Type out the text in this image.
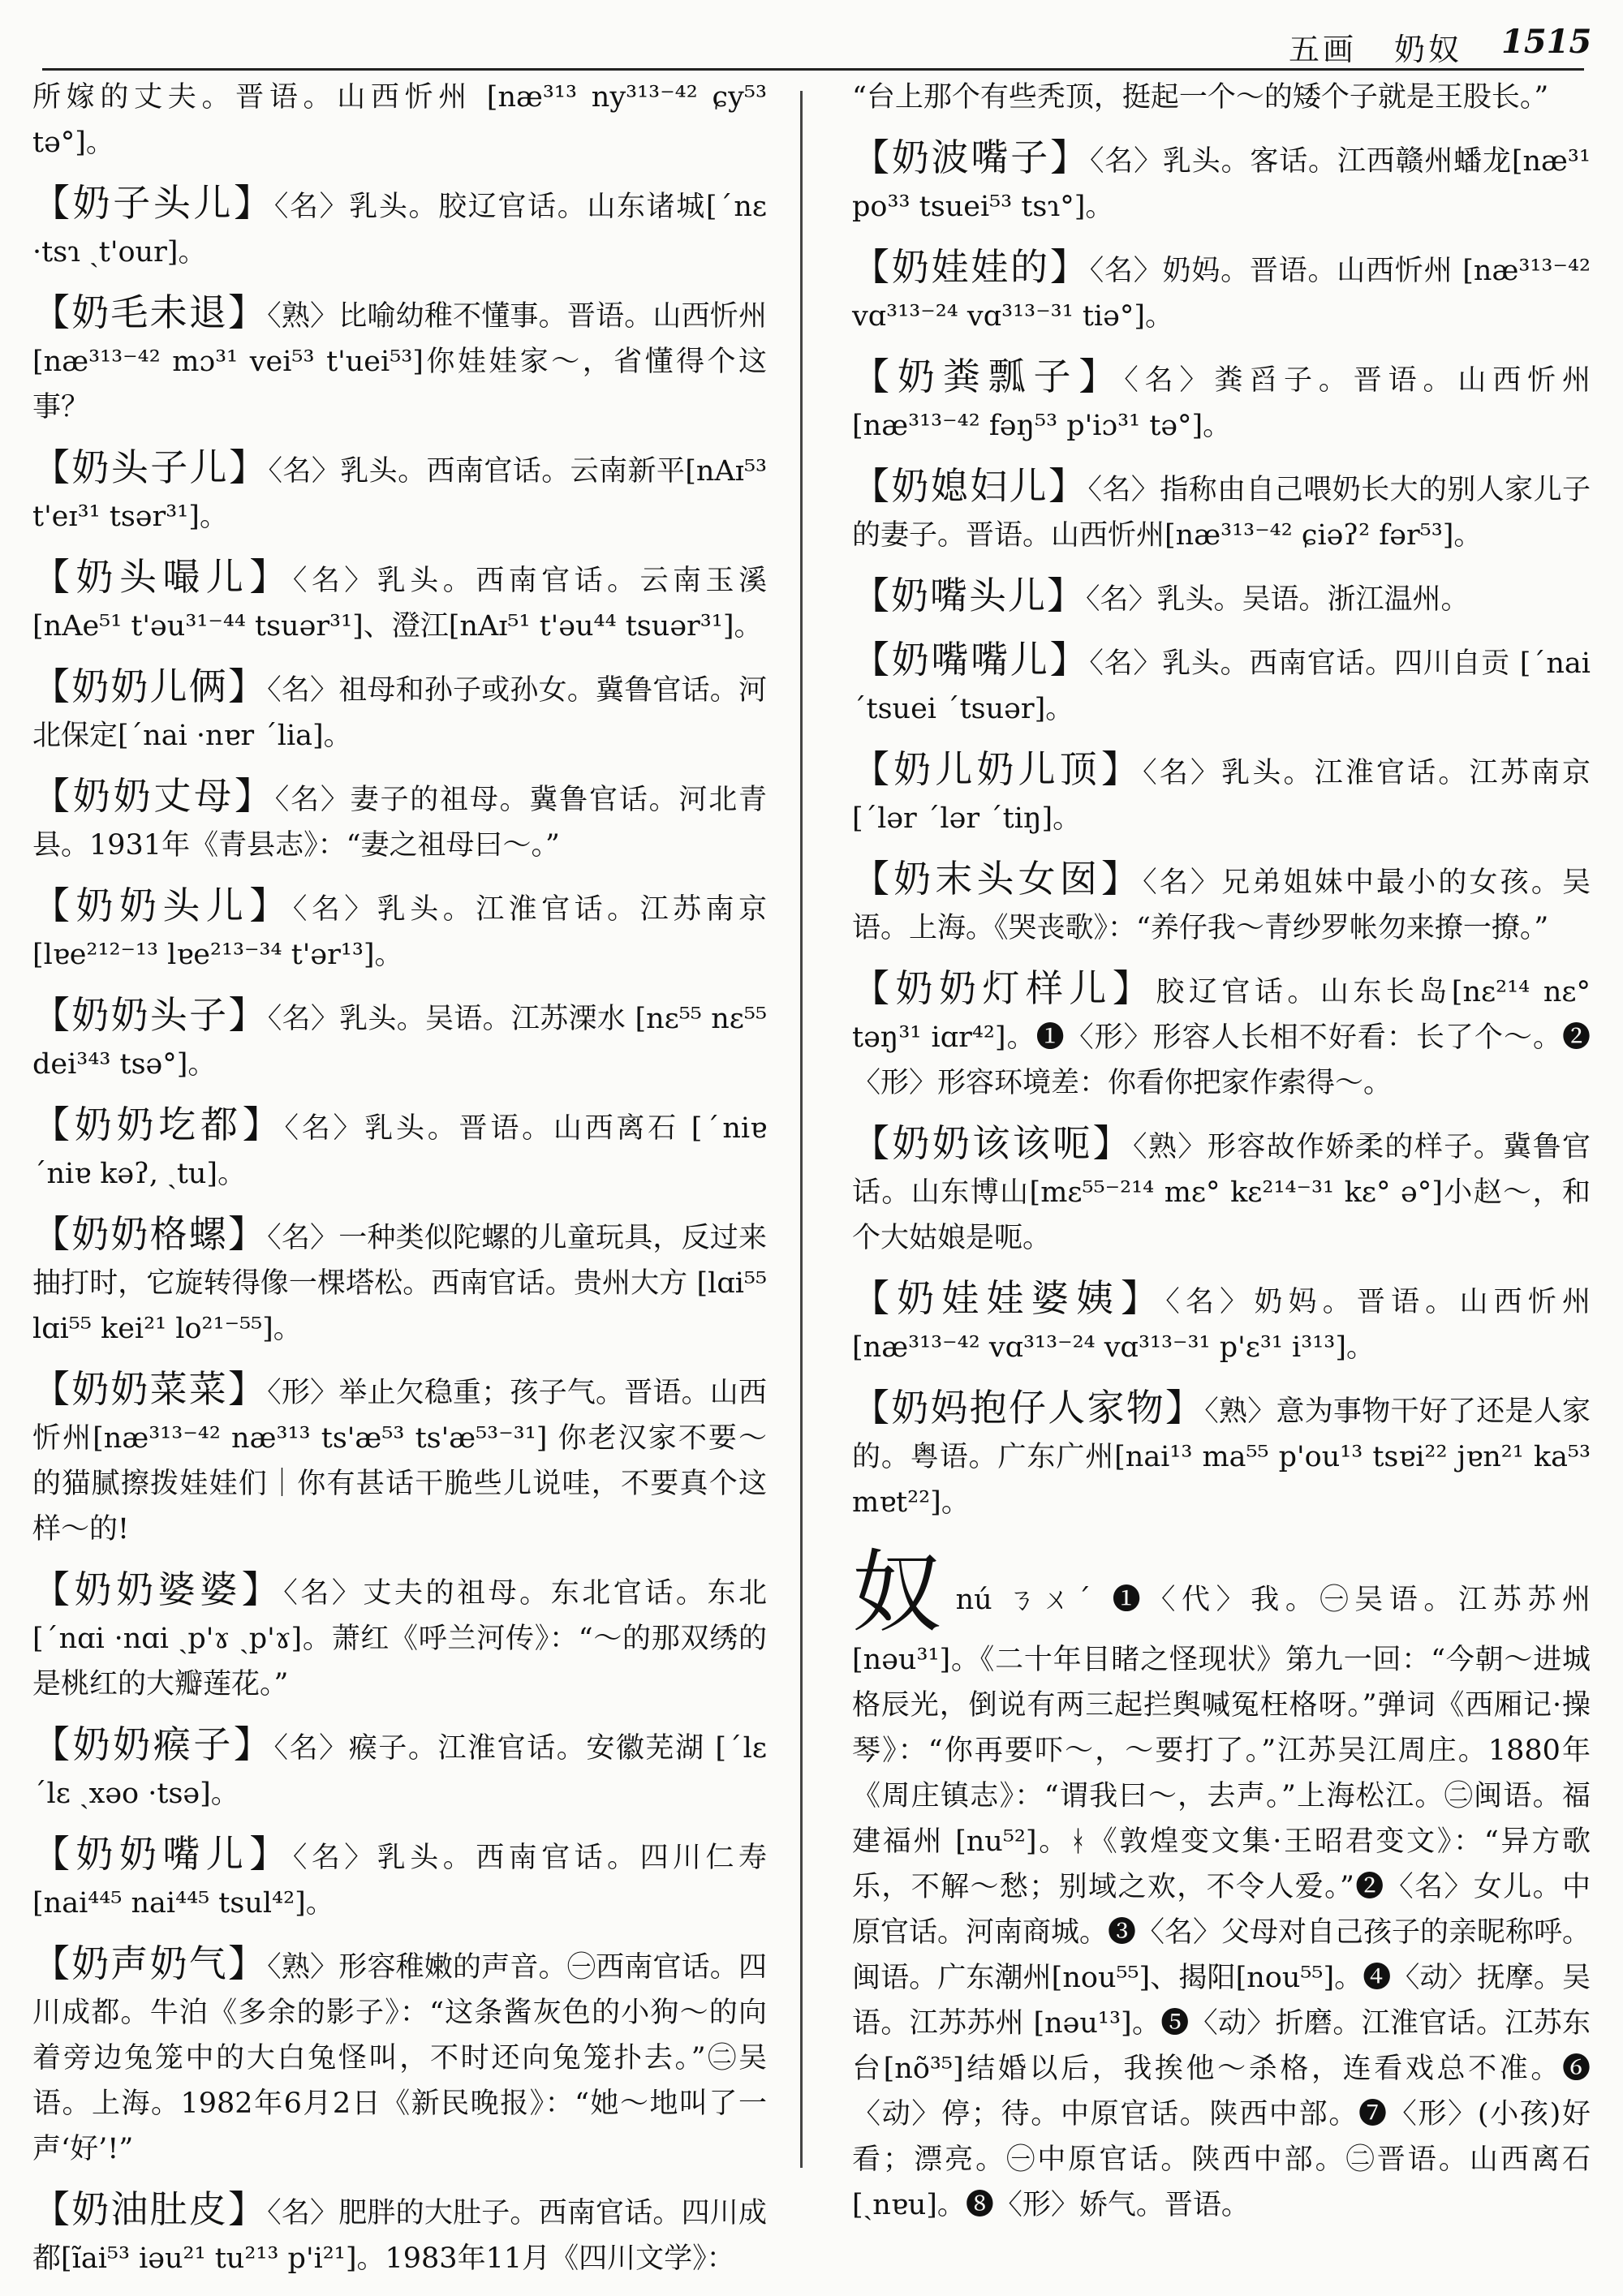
五画 奶奴 1515

所嫁的丈夫。晋语。山西忻州 [næ³¹³ ny³¹³⁻⁴² ɕy⁵³ tə°]。

【奶子头儿】〈名〉乳头。胶辽官话。山东诸城[ˊnɛ ·tsɿ ˏt'our]。

【奶毛未退】〈熟〉比喻幼稚不懂事。晋语。山西忻州 [næ³¹³⁻⁴² mɔ³¹ vei⁵³ t'uei⁵³]你娃娃家～，省懂得个这事？

【奶头子儿】〈名〉乳头。西南官话。云南新平[nAɪ⁵³ t'eɪ³¹ tsər³¹]。

【奶头嘬儿】〈名〉乳头。西南官话。云南玉溪[nAe⁵¹ t'əu³¹⁻⁴⁴ tsuər³¹]、澄江[nAɪ⁵¹ t'əu⁴⁴ tsuər³¹]。

【奶奶儿俩】〈名〉祖母和孙子或孙女。冀鲁官话。河北保定[ˊnai ·nɐr ˊlia]。

【奶奶丈母】〈名〉妻子的祖母。冀鲁官话。河北青县。1931年《青县志》：“妻之祖母曰～。”

【奶奶头儿】〈名〉乳头。江淮官话。江苏南京 [lɐe²¹²⁻¹³ lɐe²¹³⁻³⁴ t'ər¹³]。

【奶奶头子】〈名〉乳头。吴语。江苏溧水 [nɛ⁵⁵ nɛ⁵⁵ dei³⁴³ tsə°]。

【奶奶圪都】〈名〉乳头。晋语。山西离石 [ˊniɐ ˊniɐ kəʔ, ˏtu]。

【奶奶格螺】〈名〉一种类似陀螺的儿童玩具，反过来抽打时，它旋转得像一棵塔松。西南官话。贵州大方 [lɑi⁵⁵ lɑi⁵⁵ kei²¹ lo²¹⁻⁵⁵]。

【奶奶菜菜】〈形〉举止欠稳重；孩子气。晋语。山西忻州[næ³¹³⁻⁴² næ³¹³ ts'æ⁵³ ts'æ⁵³⁻³¹] 你老汉家不要～的猫腻擦拨娃娃们｜你有甚话干脆些儿说哇，不要真个这样～的!

【奶奶婆婆】〈名〉丈夫的祖母。东北官话。东北[ˊnɑi ·nɑi ˏp'ɤ ˏp'ɤ]。萧红《呼兰河传》：“～的那双绣的是桃红的大瓣莲花。”

【奶奶瘊子】〈名〉瘊子。江淮官话。安徽芜湖 [ˊlɛ ˊlɛ ˏxəo ·tsə]。

【奶奶嘴儿】〈名〉乳头。西南官话。四川仁寿 [nai⁴⁴⁵ nai⁴⁴⁵ tsul⁴²]。

【奶声奶气】〈熟〉形容稚嫩的声音。㊀西南官话。四川成都。牛泊《多余的影子》：“这条酱灰色的小狗～的向着旁边兔笼中的大白兔怪叫，不时还向兔笼扑去。”㊁吴语。上海。1982年6月2日《新民晚报》：“她～地叫了一声‘好’!”

【奶油肚皮】〈名〉肥胖的大肚子。西南官话。四川成都[ĩai⁵³ iəu²¹ tu²¹³ p'i²¹]。1983年11月《四川文学》：

“台上那个有些秃顶，挺起一个～的矮个子就是王股长。”

【奶波嘴子】〈名〉乳头。客话。江西赣州蟠龙[næ³¹ po³³ tsuei⁵³ tsɿ°]。

【奶娃娃的】〈名〉奶妈。晋语。山西忻州 [næ³¹³⁻⁴² vɑ³¹³⁻²⁴ vɑ³¹³⁻³¹ tiə°]。

【奶粪瓢子】〈名〉粪舀子。晋语。山西忻州 [næ³¹³⁻⁴² fəŋ⁵³ p'iɔ³¹ tə°]。

【奶媳妇儿】〈名〉指称由自己喂奶长大的别人家儿子的妻子。晋语。山西忻州[næ³¹³⁻⁴² ɕiəʔ² fər⁵³]。

【奶嘴头儿】〈名〉乳头。吴语。浙江温州。

【奶嘴嘴儿】〈名〉乳头。西南官话。四川自贡 [ˊnai ˊtsuei ˊtsuər]。

【奶儿奶儿顶】〈名〉乳头。江淮官话。江苏南京 [ˊlər ˊlər ˊtiŋ]。

【奶末头女囡】〈名〉兄弟姐妹中最小的女孩。吴语。上海。《哭丧歌》：“养仔我～青纱罗帐勿来撩一撩。”

【奶奶灯样儿】胶辽官话。山东长岛[nɛ²¹⁴ nɛ° təŋ³¹ iɑr⁴²]。❶〈形〉形容人长相不好看：长了个～。❷〈形〉形容环境差：你看你把家作索得～。

【奶奶该该呃】〈熟〉形容故作娇柔的样子。冀鲁官话。山东博山[mɛ⁵⁵⁻²¹⁴ mɛ° kɛ²¹⁴⁻³¹ kɛ° ə°]小赵～，和个大姑娘是呃。

【奶娃娃婆姨】〈名〉奶妈。晋语。山西忻州 [næ³¹³⁻⁴² vɑ³¹³⁻²⁴ vɑ³¹³⁻³¹ p'ɛ³¹ i³¹³]。

【奶妈抱仔人家物】〈熟〉意为事物干好了还是人家的。粤语。广东广州[nai¹³ ma⁵⁵ p'ou¹³ tsɐi²² jɐn²¹ ka⁵³ mɐt²²]。

奴nú ㄋㄨˊ ❶〈代〉我。㊀吴语。江苏苏州[nəu³¹]。《二十年目睹之怪现状》第九一回：“今朝～进城格辰光，倒说有两三起拦舆喊冤枉格呀。”弹词《西厢记·操琴》：“你再要吓～，～要打了。”江苏吴江周庄。1880年《周庄镇志》：“谓我曰～，去声。”上海松江。㊁闽语。福建福州 [nu⁵²]。ᚼ《敦煌变文集·王昭君变文》：“异方歌乐，不解～愁；别域之欢，不令人爱。”❷〈名〉女儿。中原官话。河南商城。❸〈名〉父母对自己孩子的亲昵称呼。闽语。广东潮州[nou⁵⁵]、揭阳[nou⁵⁵]。❹〈动〉抚摩。吴语。江苏苏州 [nəu¹³]。❺〈动〉折磨。江淮官话。江苏东台[nõ³⁵]结婚以后，我挨他～杀格，连看戏总不准。❻〈动〉停；待。中原官话。陕西中部。❼〈形〉(小孩)好看；漂亮。㊀中原官话。陕西中部。㊁晋语。山西离石[ˏnɐu]。❽〈形〉娇气。晋语。
